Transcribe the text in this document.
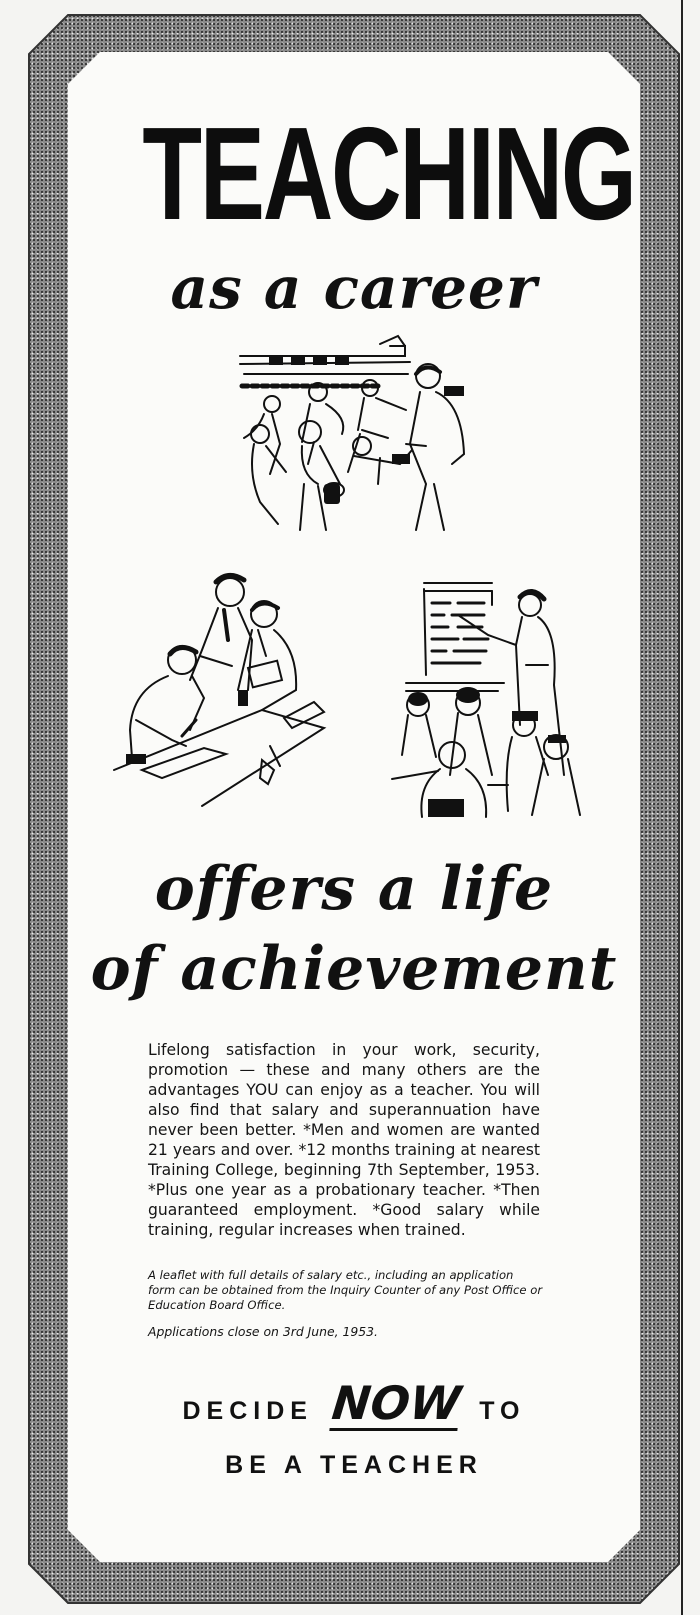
TEACHING
as a career
offers a life
of achievement
Lifelong satisfaction in your work, security, promotion — these and many others are the advantages YOU can enjoy as a teacher. You will also find that salary and superannuation have never been better. *Men and women are wanted 21 years and over. *12 months training at nearest Training College, beginning 7th September, 1953. *Plus one year as a probationary teacher. *Then guaranteed employment. *Good salary while training, regular increases when trained.
A leaflet with full details of salary etc., including an application form can be obtained from the Inquiry Counter of any Post Office or Education Board Office.
Applications close on 3rd June, 1953.
DECIDE NOW TO
BE A TEACHER
